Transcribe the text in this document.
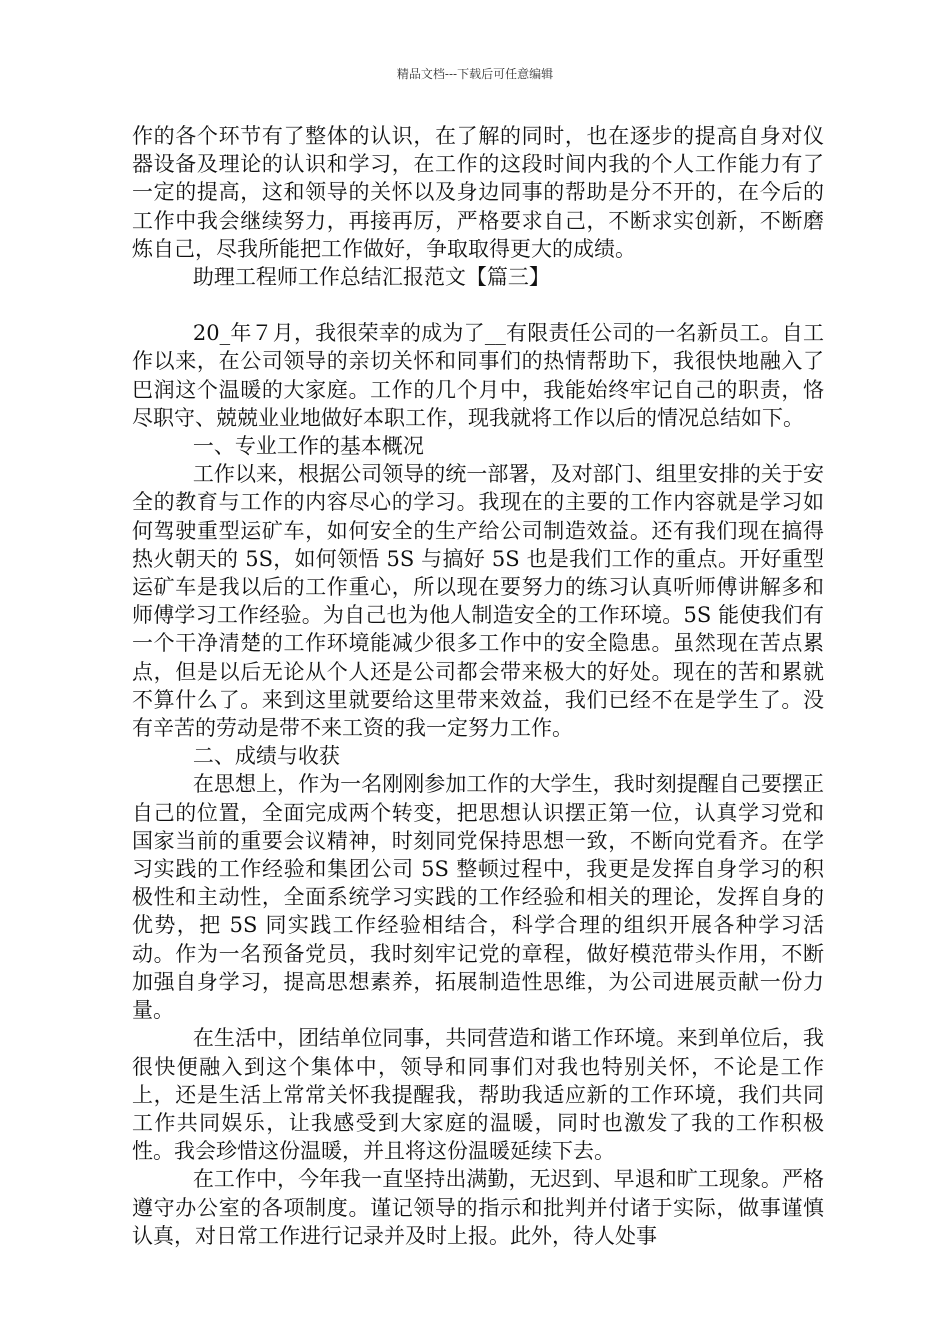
精品文档---下载后可任意编辑

作的各个环节有了整体的认识，在了解的同时，也在逐步的提高自身对仪器设备及理论的认识和学习，在工作的这段时间内我的个人工作能力有了一定的提高，这和领导的关怀以及身边同事的帮助是分不开的，在今后的工作中我会继续努力，再接再厉，严格要求自己，不断求实创新，不断磨炼自己，尽我所能把工作做好，争取取得更大的成绩。

助理工程师工作总结汇报范文【篇三】

20_年７月，我很荣幸的成为了__有限责任公司的一名新员工。自工作以来，在公司领导的亲切关怀和同事们的热情帮助下，我很快地融入了巴润这个温暖的大家庭。工作的几个月中，我能始终牢记自己的职责，恪尽职守、兢兢业业地做好本职工作，现我就将工作以后的情况总结如下。

一、专业工作的基本概况

工作以来，根据公司领导的统一部署，及对部门、组里安排的关于安全的教育与工作的内容尽心的学习。我现在的主要的工作内容就是学习如何驾驶重型运矿车，如何安全的生产给公司制造效益。还有我们现在搞得热火朝天的 5S，如何领悟 5S 与搞好 5S 也是我们工作的重点。开好重型运矿车是我以后的工作重心，所以现在要努力的练习认真听师傅讲解多和师傅学习工作经验。为自己也为他人制造安全的工作环境。5S 能使我们有一个干净清楚的工作环境能减少很多工作中的安全隐患。虽然现在苦点累点，但是以后无论从个人还是公司都会带来极大的好处。现在的苦和累就不算什么了。来到这里就要给这里带来效益，我们已经不在是学生了。没有辛苦的劳动是带不来工资的我一定努力工作。

二、成绩与收获

在思想上，作为一名刚刚参加工作的大学生，我时刻提醒自己要摆正自己的位置，全面完成两个转变，把思想认识摆正第一位，认真学习党和国家当前的重要会议精神，时刻同党保持思想一致，不断向党看齐。在学习实践的工作经验和集团公司 5S 整顿过程中，我更是发挥自身学习的积极性和主动性，全面系统学习实践的工作经验和相关的理论，发挥自身的优势，把 5S 同实践工作经验相结合，科学合理的组织开展各种学习活动。作为一名预备党员，我时刻牢记党的章程，做好模范带头作用，不断加强自身学习，提高思想素养，拓展制造性思维，为公司进展贡献一份力量。

在生活中，团结单位同事，共同营造和谐工作环境。来到单位后，我很快便融入到这个集体中，领导和同事们对我也特别关怀，不论是工作上，还是生活上常常关怀我提醒我，帮助我适应新的工作环境，我们共同工作共同娱乐，让我感受到大家庭的温暖，同时也激发了我的工作积极性。我会珍惜这份温暖，并且将这份温暖延续下去。

在工作中，今年我一直坚持出满勤，无迟到、早退和旷工现象。严格遵守办公室的各项制度。谨记领导的指示和批判并付诸于实际，做事谨慎认真，对日常工作进行记录并及时上报。此外，待人处事
